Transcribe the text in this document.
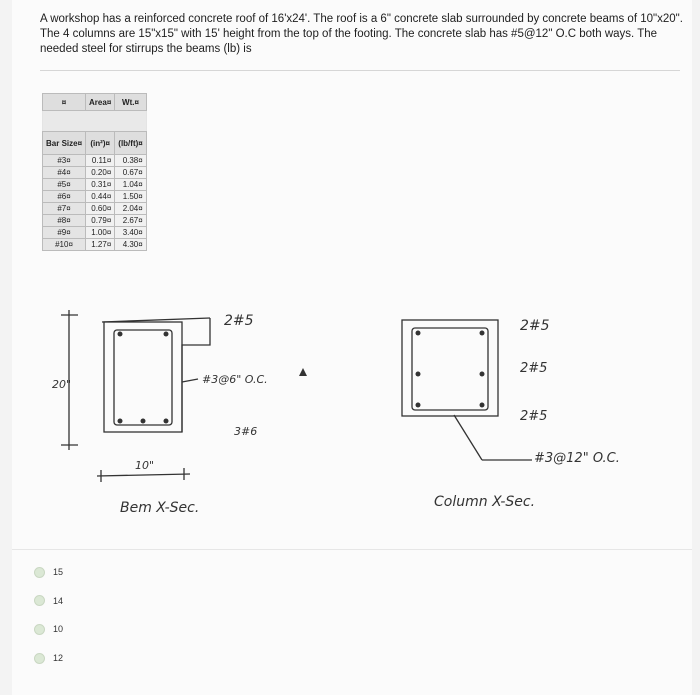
A workshop has a reinforced concrete roof of 16'x24'. The roof is a 6" concrete slab surrounded by concrete beams of 10"x20".
The 4 columns are 15"x15" with 15' height from the top of the footing. The concrete slab has #5@12" O.C both ways. The
needed steel for stirrups the beams (lb) is
¤	Area¤	Wt.¤

Bar Size¤	(in²)¤	(lb/ft)¤
#3¤	0.11¤	0.38¤
#4¤	0.20¤	0.67¤
#5¤	0.31¤	1.04¤
#6¤	0.44¤	1.50¤
#7¤	0.60¤	2.04¤
#8¤	0.79¤	2.67¤
#9¤	1.00¤	3.40¤
#10¤	1.27¤	4.30¤
2#5
#3@6" O.C.
3#6
20"
10"
Bem X-Sec.
2#5
2#5
2#5
#3@12" O.C.
Column X-Sec.
15
14
10
12
